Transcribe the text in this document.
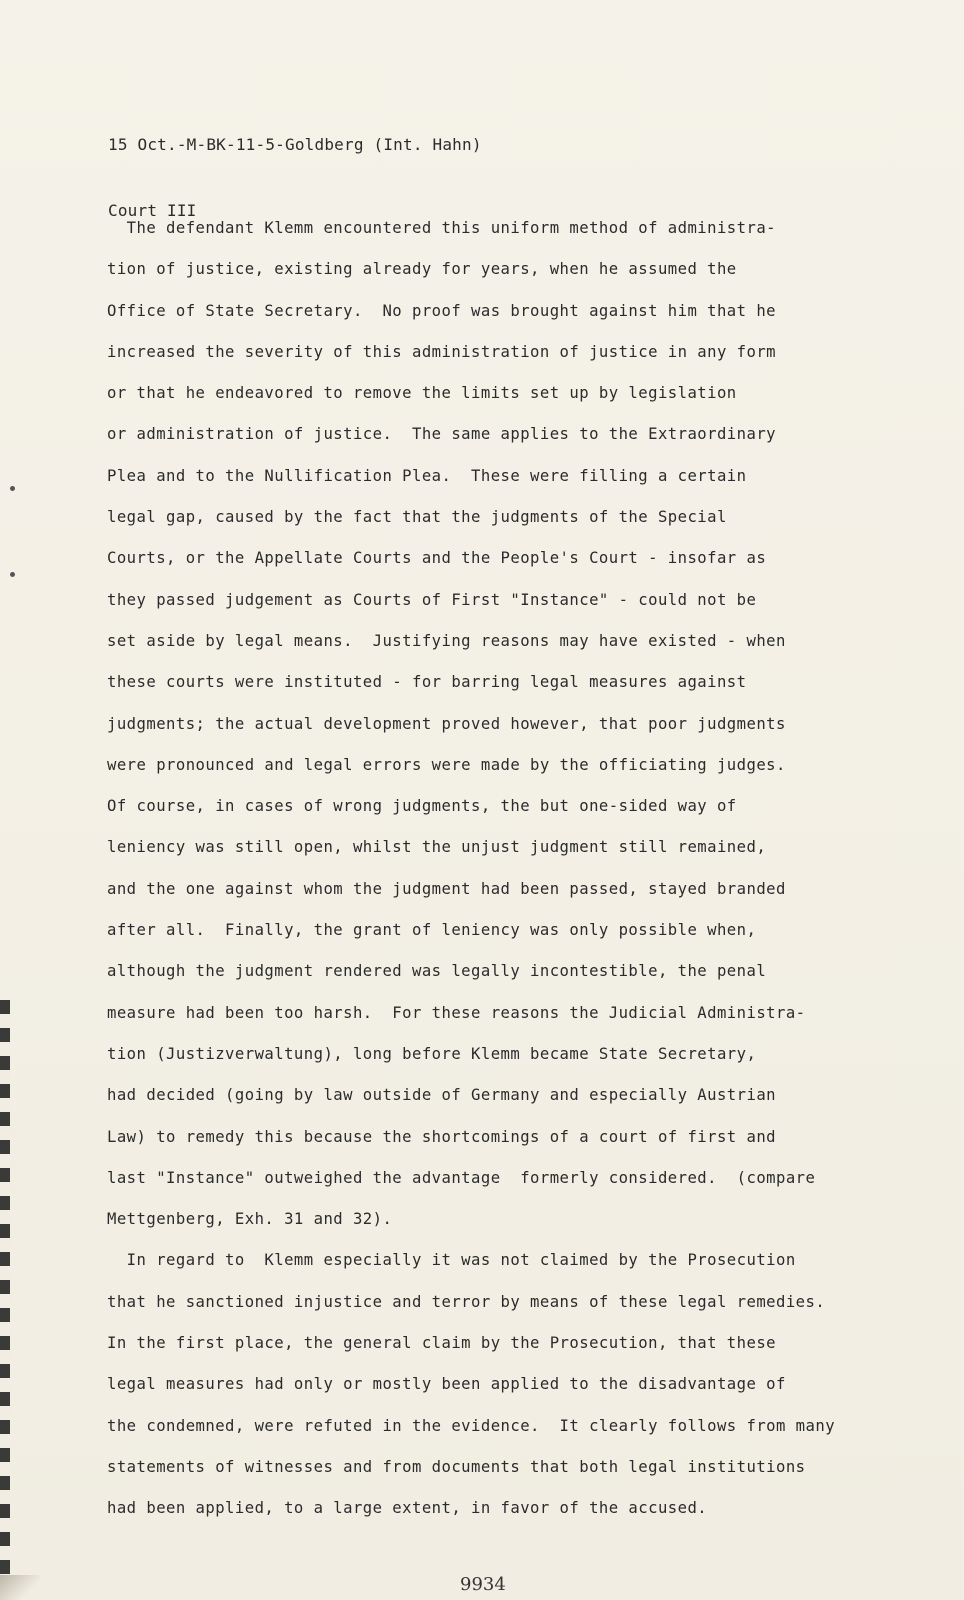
15 Oct.-M-BK-11-5-Goldberg (Int. Hahn)

Court III

The defendant Klemm encountered this uniform method of administra-
tion of justice, existing already for years, when he assumed the
Office of State Secretary.  No proof was brought against him that he
increased the severity of this administration of justice in any form
or that he endeavored to remove the limits set up by legislation
or administration of justice.  The same applies to the Extraordinary
Plea and to the Nullification Plea.  These were filling a certain
legal gap, caused by the fact that the judgments of the Special
Courts, or the Appellate Courts and the People's Court - insofar as
they passed judgement as Courts of First "Instance" - could not be
set aside by legal means.  Justifying reasons may have existed - when
these courts were instituted - for barring legal measures against
judgments; the actual development proved however, that poor judgments
were pronounced and legal errors were made by the officiating judges.
Of course, in cases of wrong judgments, the but one-sided way of
leniency was still open, whilst the unjust judgment still remained,
and the one against whom the judgment had been passed, stayed branded
after all.  Finally, the grant of leniency was only possible when,
although the judgment rendered was legally incontestible, the penal
measure had been too harsh.  For these reasons the Judicial Administra-
tion (Justizverwaltung), long before Klemm became State Secretary,
had decided (going by law outside of Germany and especially Austrian
Law) to remedy this because the shortcomings of a court of first and
last "Instance" outweighed the advantage  formerly considered.  (compare
Mettgenberg, Exh. 31 and 32).
In regard to  Klemm especially it was not claimed by the Prosecution
that he sanctioned injustice and terror by means of these legal remedies.
In the first place, the general claim by the Prosecution, that these
legal measures had only or mostly been applied to the disadvantage of
the condemned, were refuted in the evidence.  It clearly follows from many
statements of witnesses and from documents that both legal institutions
had been applied, to a large extent, in favor of the accused.
9934
